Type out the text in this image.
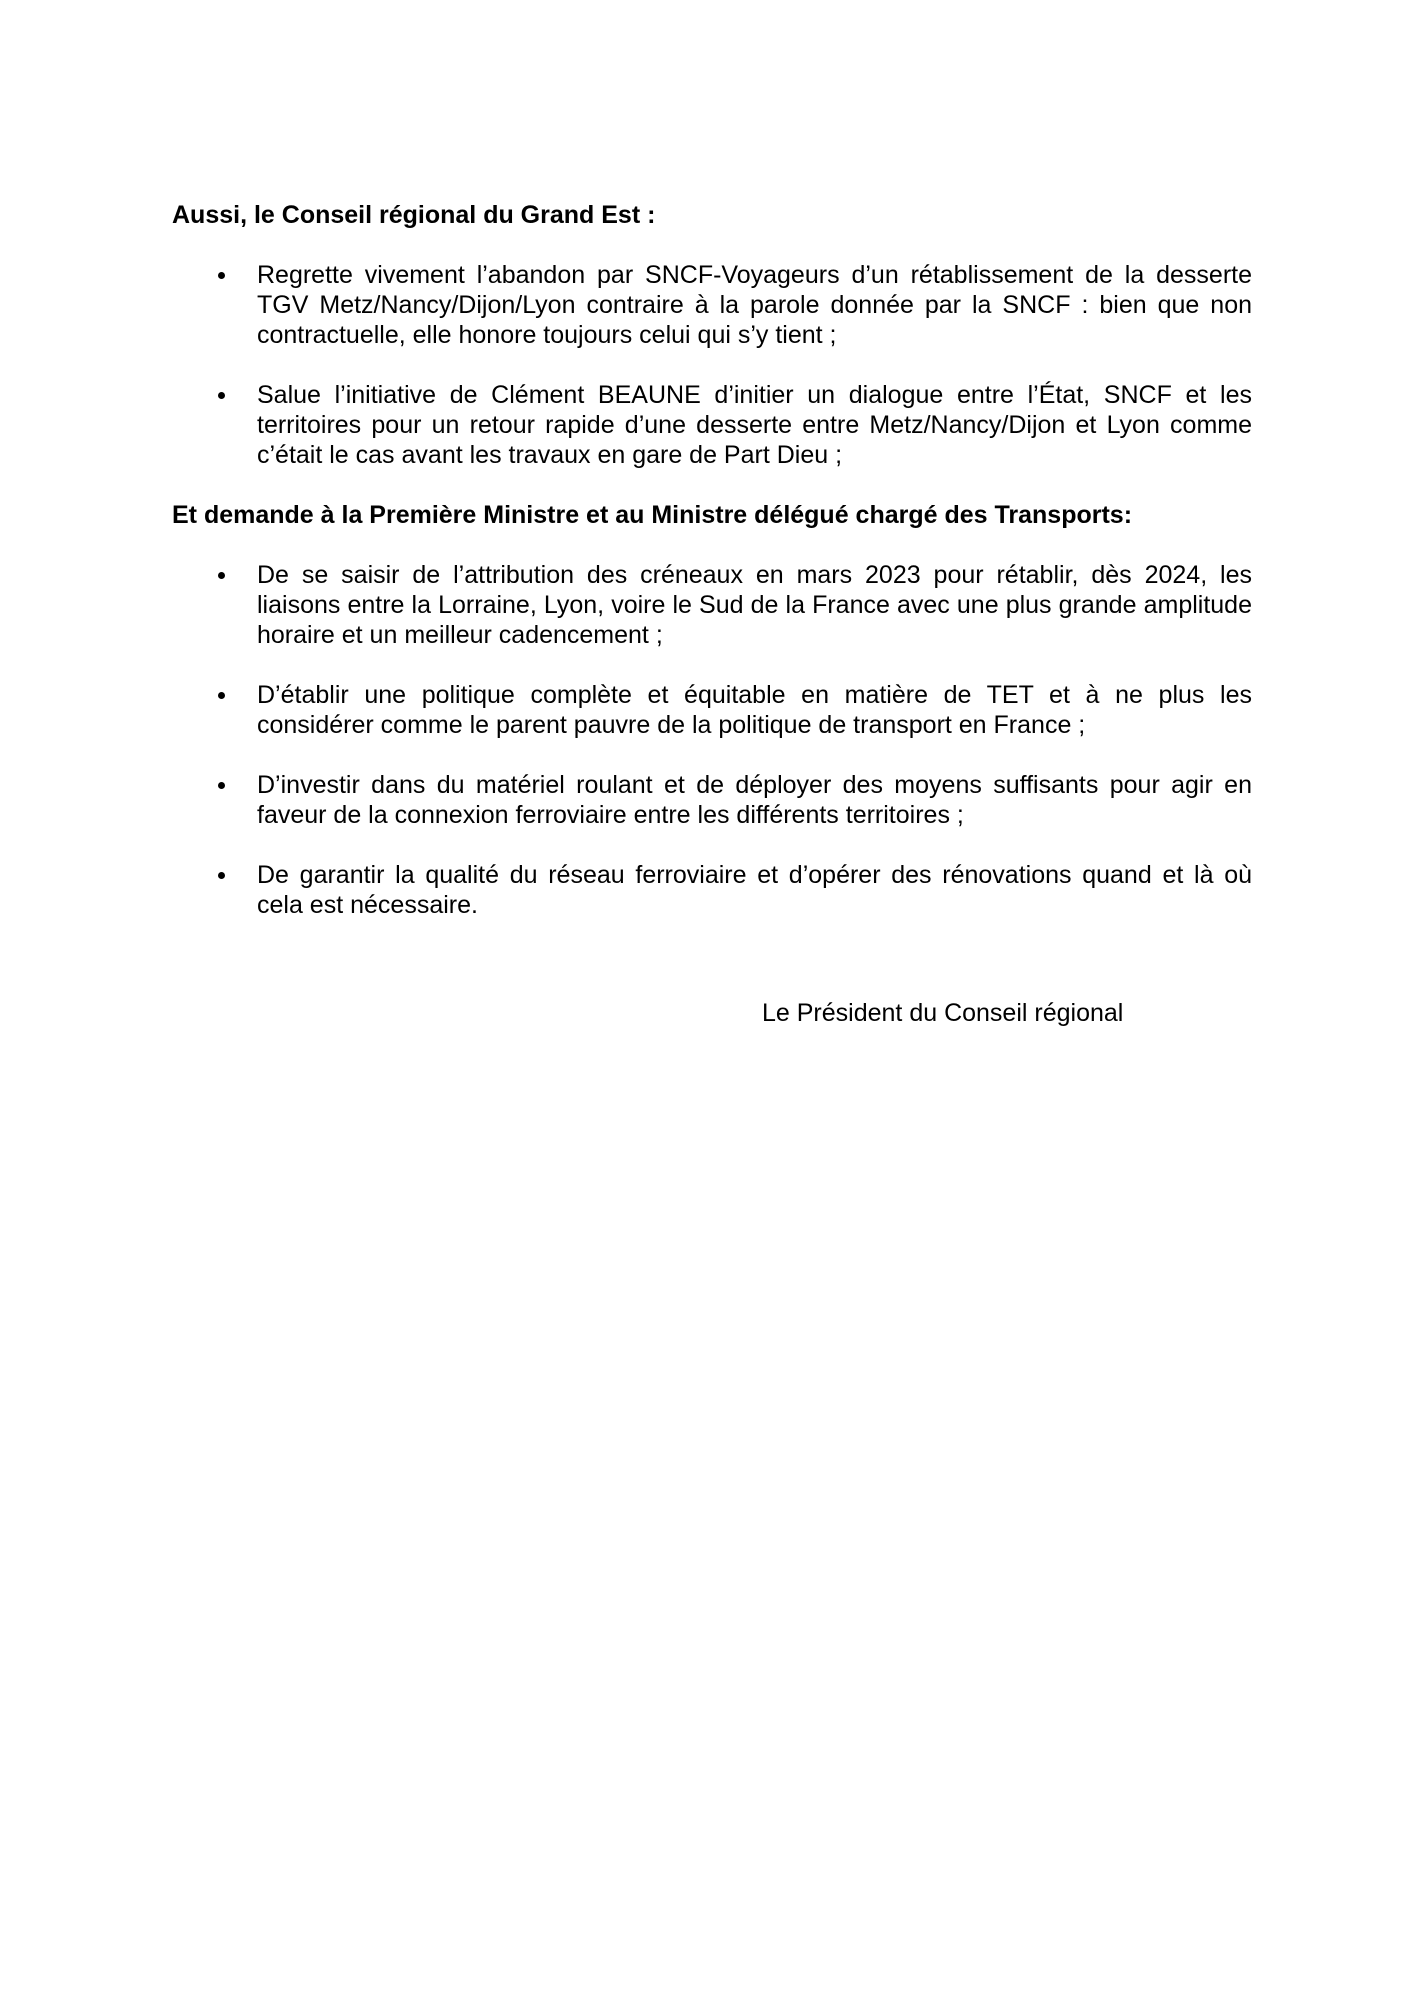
Aussi, le Conseil régional du Grand Est :

Regrette vivement l’abandon par SNCF-Voyageurs d’un rétablissement de la desserte TGV Metz/Nancy/Dijon/Lyon contraire à la parole donnée par la SNCF : bien que non contractuelle, elle honore toujours celui qui s’y tient ;
Salue l’initiative de Clément BEAUNE d’initier un dialogue entre l’État, SNCF et les territoires pour un retour rapide d’une desserte entre Metz/Nancy/Dijon et Lyon comme c’était le cas avant les travaux en gare de Part Dieu ;

Et demande à la Première Ministre et au Ministre délégué chargé des Transports:

De se saisir de l’attribution des créneaux en mars 2023 pour rétablir, dès 2024, les liaisons entre la Lorraine, Lyon, voire le Sud de la France avec une plus grande amplitude horaire et un meilleur cadencement ;
D’établir une politique complète et équitable en matière de TET et à ne plus les considérer comme le parent pauvre de la politique de transport en France ;
D’investir dans du matériel roulant et de déployer des moyens suffisants pour agir en faveur de la connexion ferroviaire entre les différents territoires ;
De garantir la qualité du réseau ferroviaire et d’opérer des rénovations quand et là où cela est nécessaire.
Le Président du Conseil régional
